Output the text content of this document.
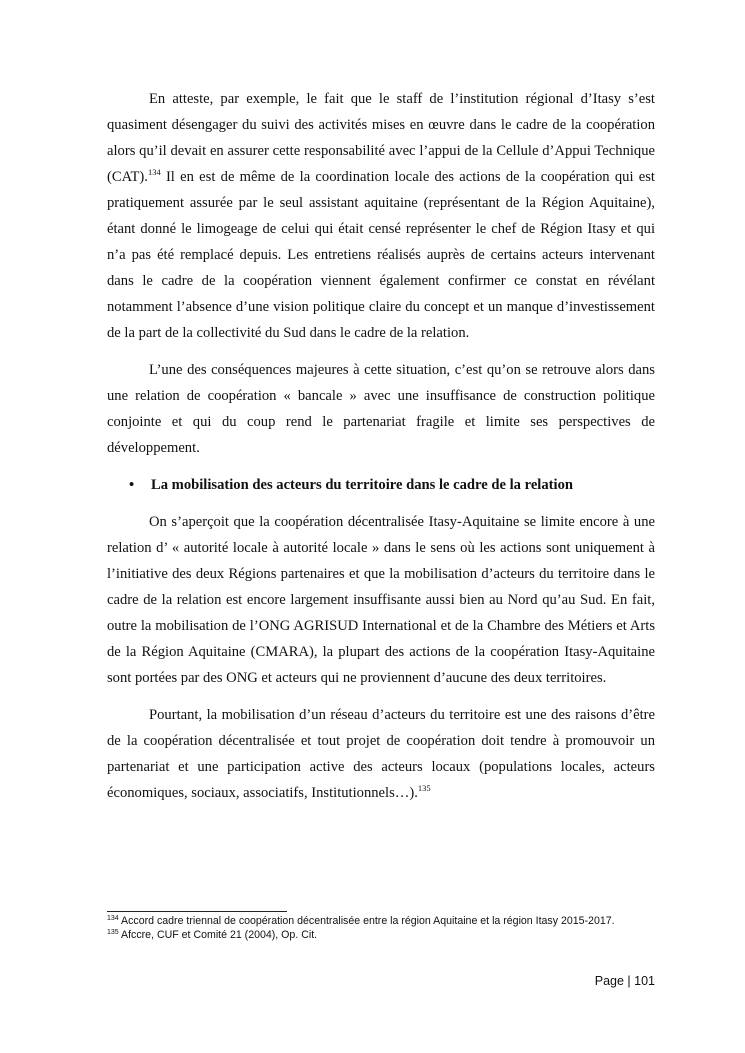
En atteste, par exemple, le fait que le staff de l’institution régional d’Itasy s’est quasiment désengager du suivi des activités mises en œuvre dans le cadre de la coopération alors qu’il devait en assurer cette responsabilité avec l’appui de la Cellule d’Appui Technique (CAT).$^{134}$ Il en est de même de la coordination locale des actions de la coopération qui est pratiquement assurée par le seul assistant aquitaine (représentant de la Région Aquitaine), étant donné le limogeage de celui qui était censé représenter le chef de Région Itasy et qui n’a pas été remplacé depuis. Les entretiens réalisés auprès de certains acteurs intervenant dans le cadre de la coopération viennent également confirmer ce constat en révélant notamment l’absence d’une vision politique claire du concept et un manque d’investissement de la part de la collectivité du Sud dans le cadre de la relation.

L’une des conséquences majeures à cette situation, c’est qu’on se retrouve alors dans une relation de coopération « bancale » avec une insuffisance de construction politique conjointe et qui du coup rend le partenariat fragile et limite ses perspectives de développement.

•	La mobilisation des acteurs du territoire dans le cadre de la relation

On s’aperçoit que la coopération décentralisée Itasy-Aquitaine se limite encore à une relation d’ « autorité locale à autorité locale » dans le sens où les actions sont uniquement à l’initiative des deux Régions partenaires et que la mobilisation d’acteurs du territoire dans le cadre de la relation est encore largement insuffisante aussi bien au Nord qu’au Sud. En fait, outre la mobilisation de l’ONG AGRISUD International et de la Chambre des Métiers et Arts de la Région Aquitaine (CMARA), la plupart des actions de la coopération Itasy-Aquitaine sont portées par des ONG et acteurs qui ne proviennent d’aucune des deux territoires.

Pourtant, la mobilisation d’un réseau d’acteurs du territoire est une des raisons d’être de la coopération décentralisée et tout projet de coopération doit tendre à promouvoir un partenariat et une participation active des acteurs locaux (populations locales, acteurs économiques, sociaux, associatifs, Institutionnels…).$^{135}$

$^{134}$ Accord cadre triennal de coopération décentralisée entre la région Aquitaine et la région Itasy 2015-2017.
$^{135}$ Afccre, CUF et Comité 21 (2004), Op. Cit.
Page | 101
